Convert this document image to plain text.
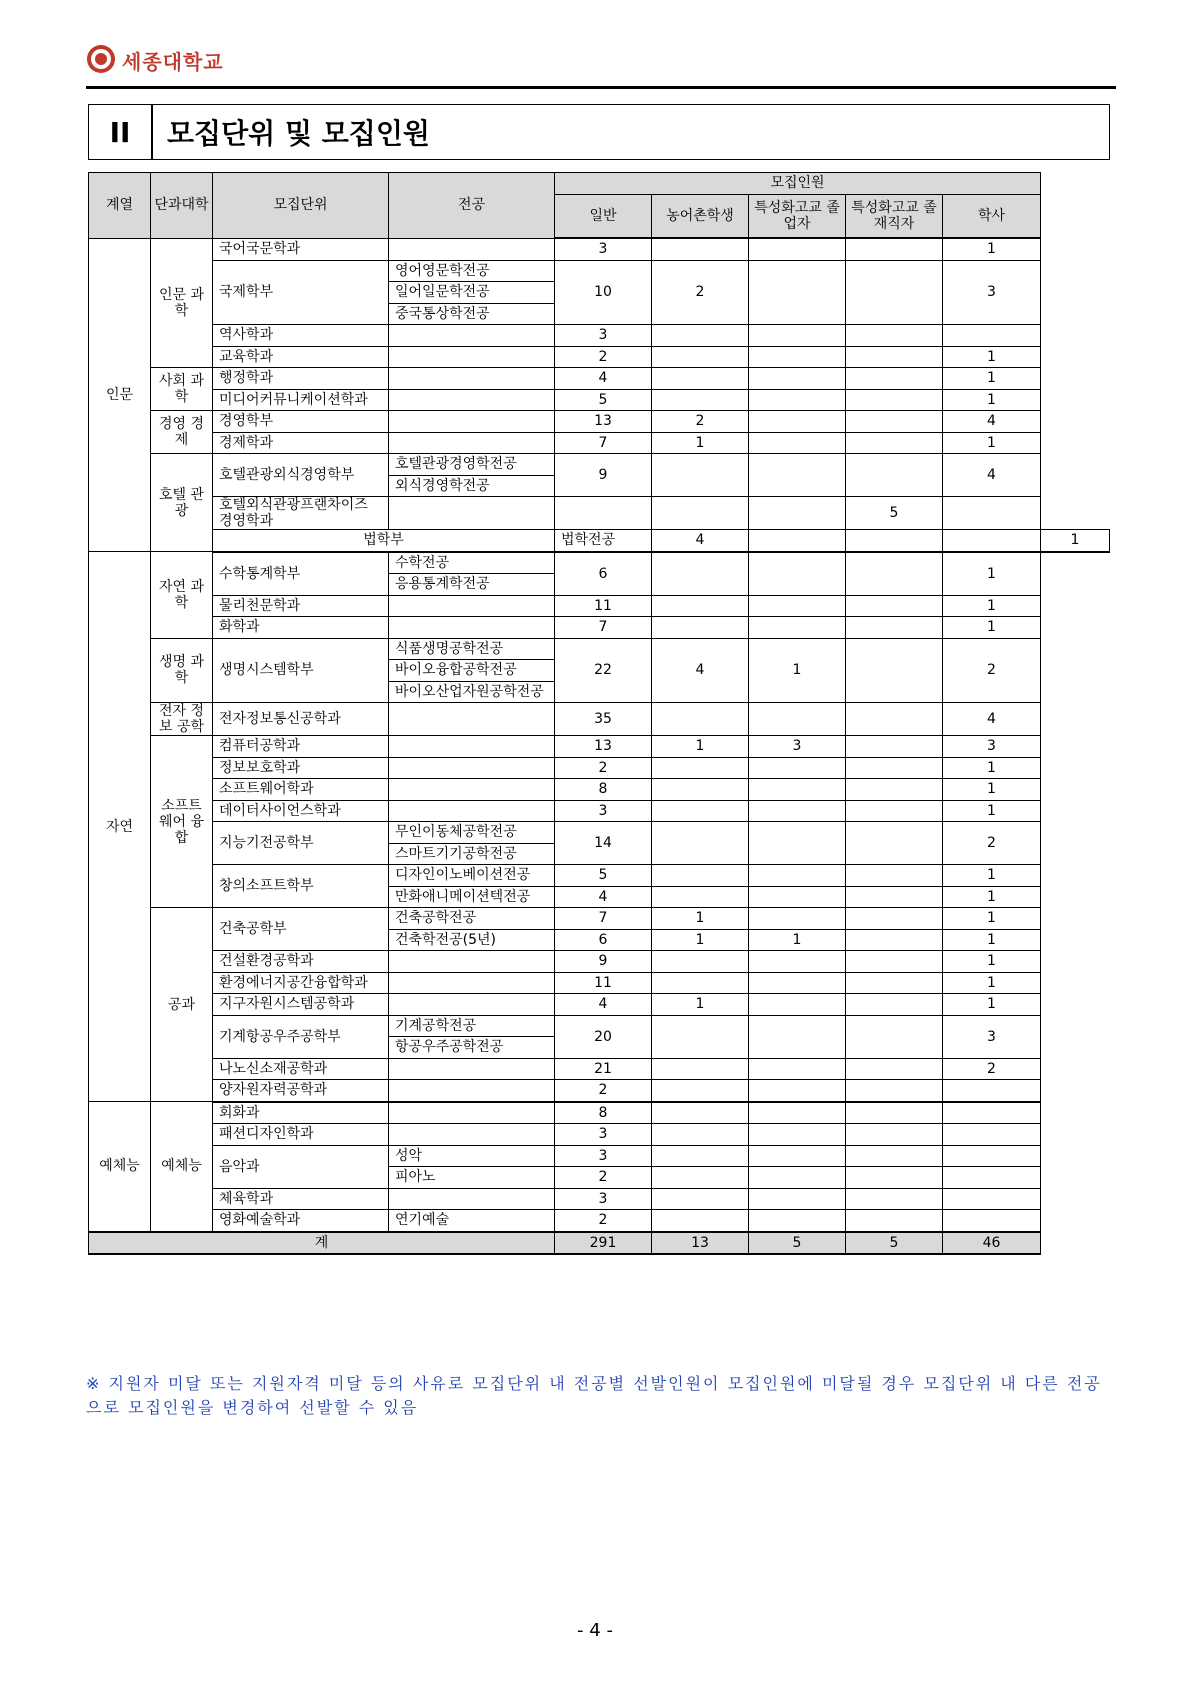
세종대학교
II	모집단위 및 모집인원
계열	단과대학	모집단위	전공	모집인원					
				일반	농어촌학생	특성화고교 졸업자	특성화고교 졸재직자	학사	
인문	인문 과학	국어국문학과		3				1	
		국제학부	영어영문학전공	10	2			3	
			일어일문학전공						
			중국통상학전공						
		역사학과		3					
		교육학과		2				1	
	사회 과학	행정학과		4				1	
		미디어커뮤니케이션학과		5				1	
	경영 경제	경영학부		13	2			4	
		경제학과		7	1			1	
	호텔 관광	호텔관광외식경영학부	호텔관광경영학전공	9				4	
			외식경영학전공						
		호텔외식관광프랜차이즈 경영학과					5		
		법학부		법학전공	4				1
자연	자연 과학	수학통계학부	수학전공	6				1	
			응용통계학전공						
		물리천문학과		11				1	
		화학과		7				1	
	생명 과학	생명시스템학부	식품생명공학전공	22	4	1		2	
			바이오융합공학전공						
			바이오산업자원공학전공						
	전자 정보 공학	전자정보통신공학과		35				4	
	소프트 웨어 융합	컴퓨터공학과		13	1	3		3	
		정보보호학과		2				1	
		소프트웨어학과		8				1	
		데이터사이언스학과		3				1	
		지능기전공학부	무인이동체공학전공	14				2	
			스마트기기공학전공						
		창의소프트학부	디자인이노베이션전공	5				1	
			만화애니메이션텍전공	4				1	
	공과	건축공학부	건축공학전공	7	1			1	
			건축학전공(5년)	6	1	1		1	
		건설환경공학과		9				1	
		환경에너지공간융합학과		11				1	
		지구자원시스템공학과		4	1			1	
		기계항공우주공학부	기계공학전공	20				3	
			항공우주공학전공						
		나노신소재공학과		21				2	
		양자원자력공학과		2					
예체능	예체능	회화과		8					
		패션디자인학과		3					
		음악과	성악	3					
			피아노	2					
		체육학과		3					
		영화예술학과	연기예술	2					
계				291	13	5	5	46	
※ 지원자 미달 또는 지원자격 미달 등의 사유로 모집단위 내 전공별 선발인원이 모집인원에 미달될 경우 모집단위 내 다른 전공으로 모집인원을 변경하여 선발할 수 있음
- 4 -
